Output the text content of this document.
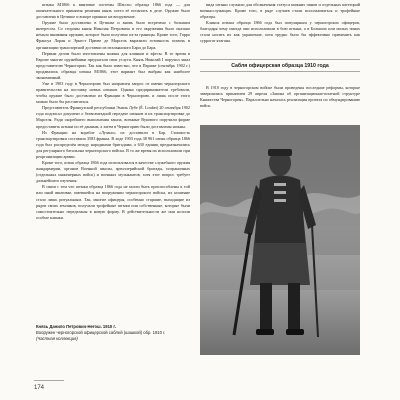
штыка М1866 к винтовке системы Шасспо образца 1866 года — для окончательного принятия решения князь хотел её испытать в деле. Оружие было доставлено в Цетинье и вскоре приняло на вооружение.

Оружие было доставлено в Цетинье и вновь было встречено с большим интересом. Со стороны князя Николая Петровича и его окружения было оказано немало внимания оружию, которое было получено из-за границы. Кроме того, Гарро Франсуа Лоран и Эрнест Прюве де Марсель выразили готовность помочь в организации транспортной доставки из итальянского Бари до Бара.

Первым делом были изготовлены ножны для клинков и эфесы. В то время в Европе многие оружейники предлагали свои услуги. Князь Николай I поручил заказ представителю Черногории. Так как было известно, что в Париже (сентябрь 1902 г.) продавались образцы штыка М1866, этот вариант был выбран как наиболее экономичный.

Уже в 1903 году в Черногорию был направлен запрос от имени черногорского правительства на поставку новых штыков. Однако предприниматели требовали, чтобы оружие было доставлено из Франции в Черногорию, и лишь после этого можно было бы рассчитаться.

Представитель Французской республики Эмиль Лубе (É. Loubet) 20 сентября 1902 года подписал документ о безвозмездной передаче штыков и их транспортировке до Марселя. Ради скорейшего выполнения заказа, военные Вукового поручили фирме предоставить штыки по её данным, а затем в Черногорию были доставлены ножны.

Из Франции на корабле «Лузано» их доставили в Бар. Стоимость транспортировки составила 3583 франка. В ходе 1903 года 38 961 штык образца 1866 года был распределён между народными бригадами, а 630 единиц предназначались для регулярного батальона черногорского войска. В то же время их использовали при реорганизации армии.

Кроме того, штык образца 1866 года использовался в качестве служебного оружия жандармерии, органов Военной школы, артиллерийской бригады, пограничных (отдельных инженерных войск) и военных музыкантов, хотя этот вопрос требует дальнейшего изучения.

В связи с тем что штыки образца 1866 года не могли быть приспособлены к той или иной винтовке, имевшейся на вооружении черногорского войска, их ношение стало лишь ритуальным. Так, многие офицеры, особенно старшие, выходящие из рядов своих земляков, получали трофейные штыки или собственные, которые были самостоятельно переделаны в новую форму. В действительности же они носили особые клинки.

вида штыки служили для обозначения статуса нижних чинов и отдельных категорий военнослужащих. Кроме того, в ряде случаев стали использоваться и трофейные образцы.

Клинок штыка образца 1866 года был популярным у черногорских офицеров, благодаря чему иногда они использовали в бою штыки, а в Больших или малых чинах стали носить их как украшение, хотя трудно было бы эффективно применить как суррогат ятагана.

Сабля офицерская образца 1910 года

В 1910 году в черногорском войске были проведены последние реформы, которые завершились принятием 29 апреля «Закона об организационно-штатной структуре Княжества Черногория». Параллельно началась реализация проекта по обмундированию войск.

Князь Данило Петрович-Негош. 1910 г.
Вооружен черногорской офицерской саблей (шашкой) обр. 1910 г.
(Частная коллекция)
174
